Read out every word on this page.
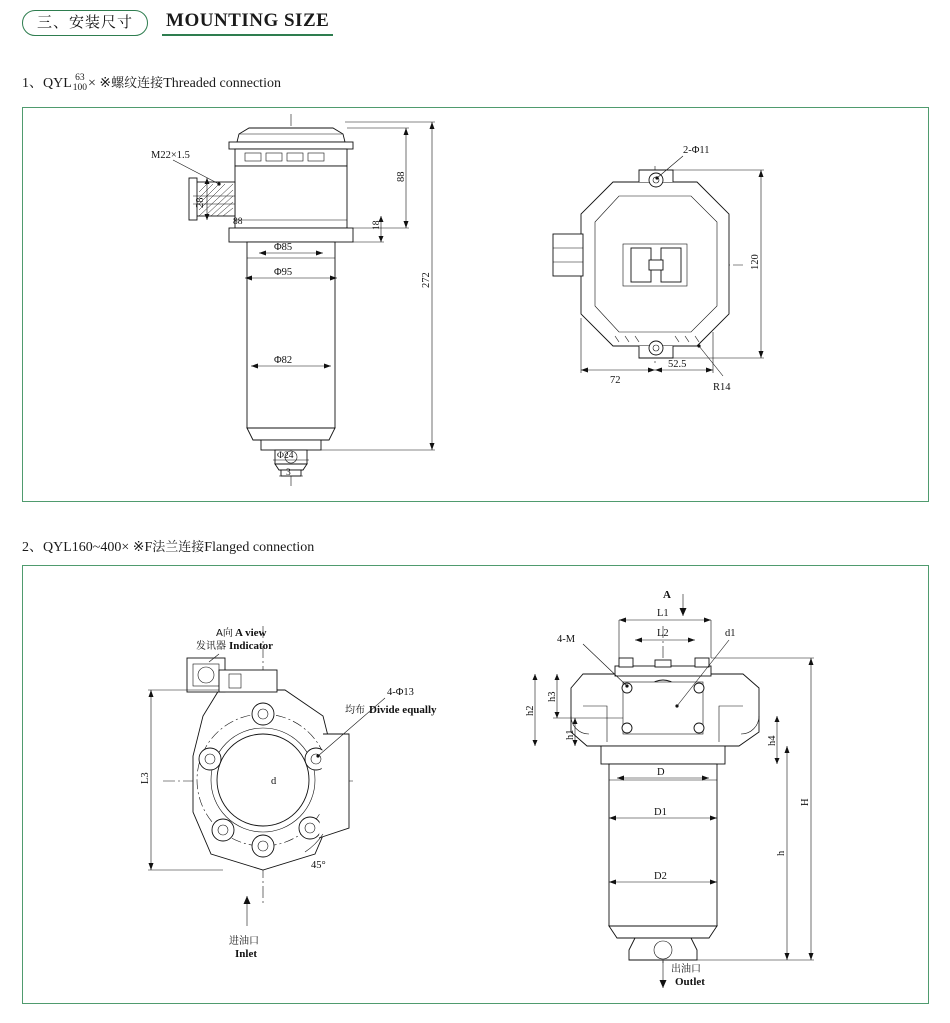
三、安装尺寸	MOUNTING SIZE
1、QYL 63
100 × ※螺纹连接Threaded connection
88
18
272
M22×1.5
28
88
Φ85
Φ95
Φ82
Φ24
3
2-Φ11
120
72
52.5
R14
2、QYL160~400× ※F法兰连接Flanged connection
A向 A view
发讯器 Indicator
4-Φ13
均布 Divide equally
45°
d
L3
进油口
Inlet
A
L1
L2	d1
4-M
h2
h3
h1
h4
H
h
D
D1
D2
出油口
Outlet
